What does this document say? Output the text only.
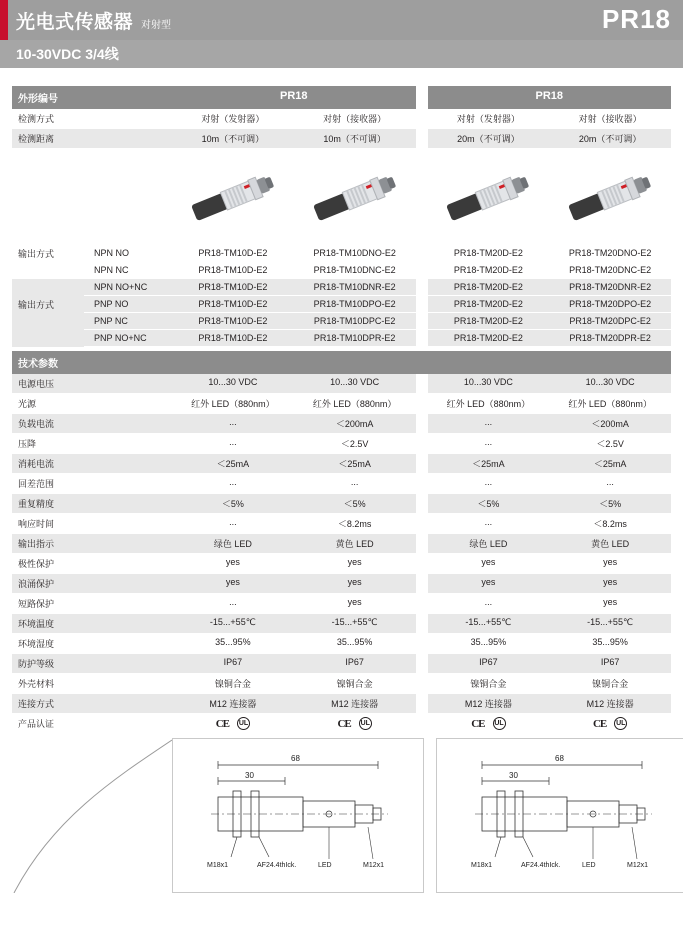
光电式传感器 对射型	PR18
10-30VDC 3/4线
外形编号	PR18	PR18
检测方式	对射（发射器）	对射（接收器）	对射（发射器）	对射（接收器）
检测距离	10m（不可调）	10m（不可调）	20m（不可调）	20m（不可调）
输出方式	NPN NO	PR18-TM10D-E2	PR18-TM10DNO-E2	PR18-TM20D-E2	PR18-TM20DNO-E2
NPN NC	PR18-TM10D-E2	PR18-TM10DNC-E2	PR18-TM20D-E2	PR18-TM20DNC-E2
NPN NO+NC	PR18-TM10D-E2	PR18-TM10DNR-E2	PR18-TM20D-E2	PR18-TM20DNR-E2
输出方式	PNP NO	PR18-TM10D-E2	PR18-TM10DPO-E2	PR18-TM20D-E2	PR18-TM20DPO-E2
PNP NC	PR18-TM10D-E2	PR18-TM10DPC-E2	PR18-TM20D-E2	PR18-TM20DPC-E2
PNP NO+NC	PR18-TM10D-E2	PR18-TM10DPR-E2	PR18-TM20D-E2	PR18-TM20DPR-E2
技术参数
电源电压	10...30 VDC	10...30 VDC	10...30 VDC	10...30 VDC
光源	红外 LED（880nm）	红外 LED（880nm）	红外 LED（880nm）	红外 LED（880nm）
负载电流	...	＜200mA	...	＜200mA
压降	...	＜2.5V	...	＜2.5V
消耗电流	＜25mA	＜25mA	＜25mA	＜25mA
回差范围	...	...	...	...
重复精度	＜5%	＜5%	＜5%	＜5%
响应时间	...	＜8.2ms	...	＜8.2ms
输出指示	绿色 LED	黄色 LED	绿色 LED	黄色 LED
极性保护	yes	yes	yes	yes
浪涌保护	yes	yes	yes	yes
短路保护	...	yes	...	yes
环境温度	-15...+55℃	-15...+55℃	-15...+55℃	-15...+55℃
环境湿度	35...95%	35...95%	35...95%	35...95%
防护等级	IP67	IP67	IP67	IP67
外壳材料	镍铜合金	镍铜合金	镍铜合金	镍铜合金
连接方式	M12 连接器	M12 连接器	M12 连接器	M12 连接器
产品认证	CE UL	CE UL	CE UL	CE UL
68
30
M18x1	AF24.4thIck.	LED	M12x1
68
30
M18x1	AF24.4thIck.	LED	M12x1
